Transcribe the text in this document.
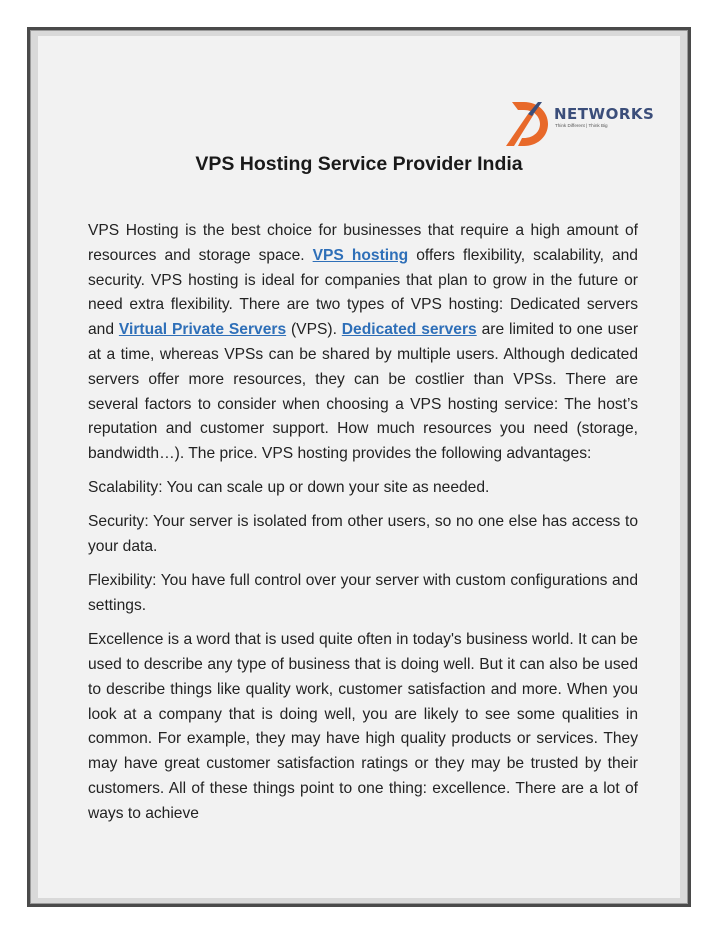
NETWORKS
Think Different | Think Big
VPS Hosting Service Provider India

VPS Hosting is the best choice for businesses that require a high amount of resources and storage space. VPS hosting offers flexibility, scalability, and security. VPS hosting is ideal for companies that plan to grow in the future or need extra flexibility. There are two types of VPS hosting: Dedicated servers and Virtual Private Servers (VPS). Dedicated servers are limited to one user at a time, whereas VPSs can be shared by multiple users. Although dedicated servers offer more resources, they can be costlier than VPSs. There are several factors to consider when choosing a VPS hosting service: The host’s reputation and customer support. How much resources you need (storage, bandwidth…). The price. VPS hosting provides the following advantages:

Scalability: You can scale up or down your site as needed.

Security: Your server is isolated from other users, so no one else has access to your data.

Flexibility: You have full control over your server with custom configurations and settings.

Excellence is a word that is used quite often in today's business world. It can be used to describe any type of business that is doing well. But it can also be used to describe things like quality work, customer satisfaction and more. When you look at a company that is doing well, you are likely to see some qualities in common. For example, they may have high quality products or services. They may have great customer satisfaction ratings or they may be trusted by their customers. All of these things point to one thing: excellence. There are a lot of ways to achieve
